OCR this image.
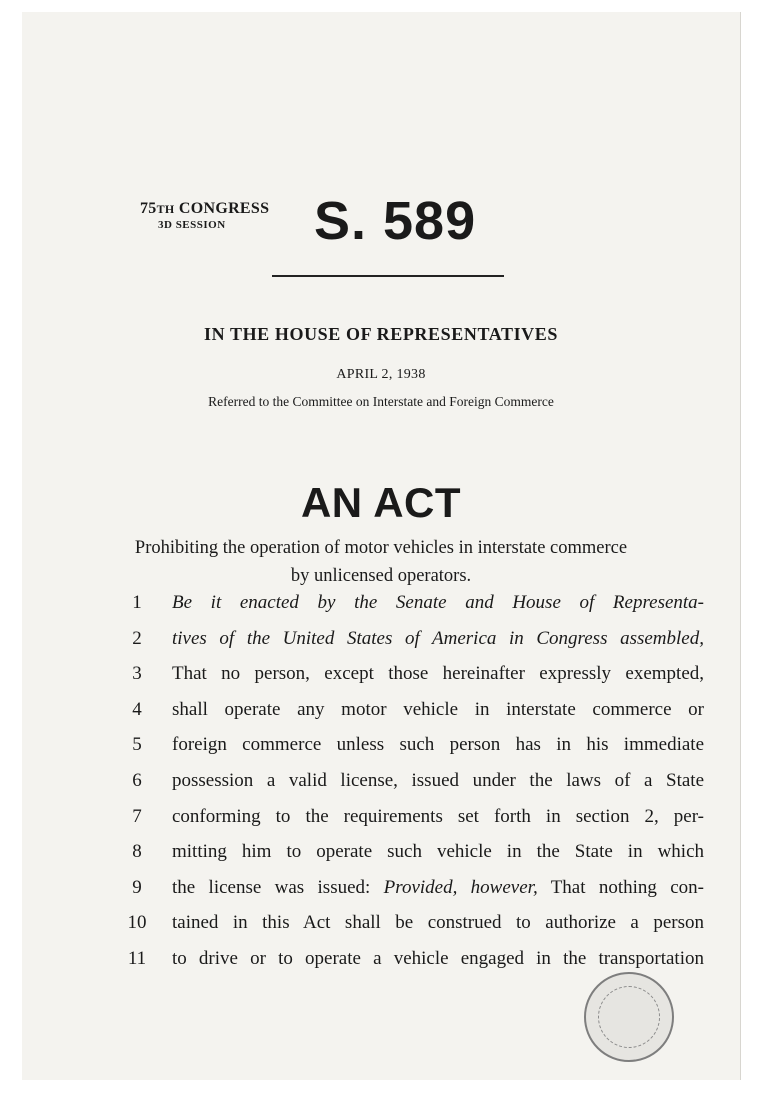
75TH CONGRESS
3D SESSION	S. 589
IN THE HOUSE OF REPRESENTATIVES
APRIL 2, 1938
Referred to the Committee on Interstate and Foreign Commerce
AN ACT
Prohibiting the operation of motor vehicles in interstate commerce
by unlicensed operators.
1	Be it enacted by the Senate and House of Representa-
2	tives of the United States of America in Congress assembled,
3	That no person, except those hereinafter expressly exempted,
4	shall operate any motor vehicle in interstate commerce or
5	foreign commerce unless such person has in his immediate
6	possession a valid license, issued under the laws of a State
7	conforming to the requirements set forth in section 2, per-
8	mitting him to operate such vehicle in the State in which
9	the license was issued: Provided, however, That nothing con-
10 tained in this Act shall be construed to authorize a person
11	to drive or to operate a vehicle engaged in the transportation
